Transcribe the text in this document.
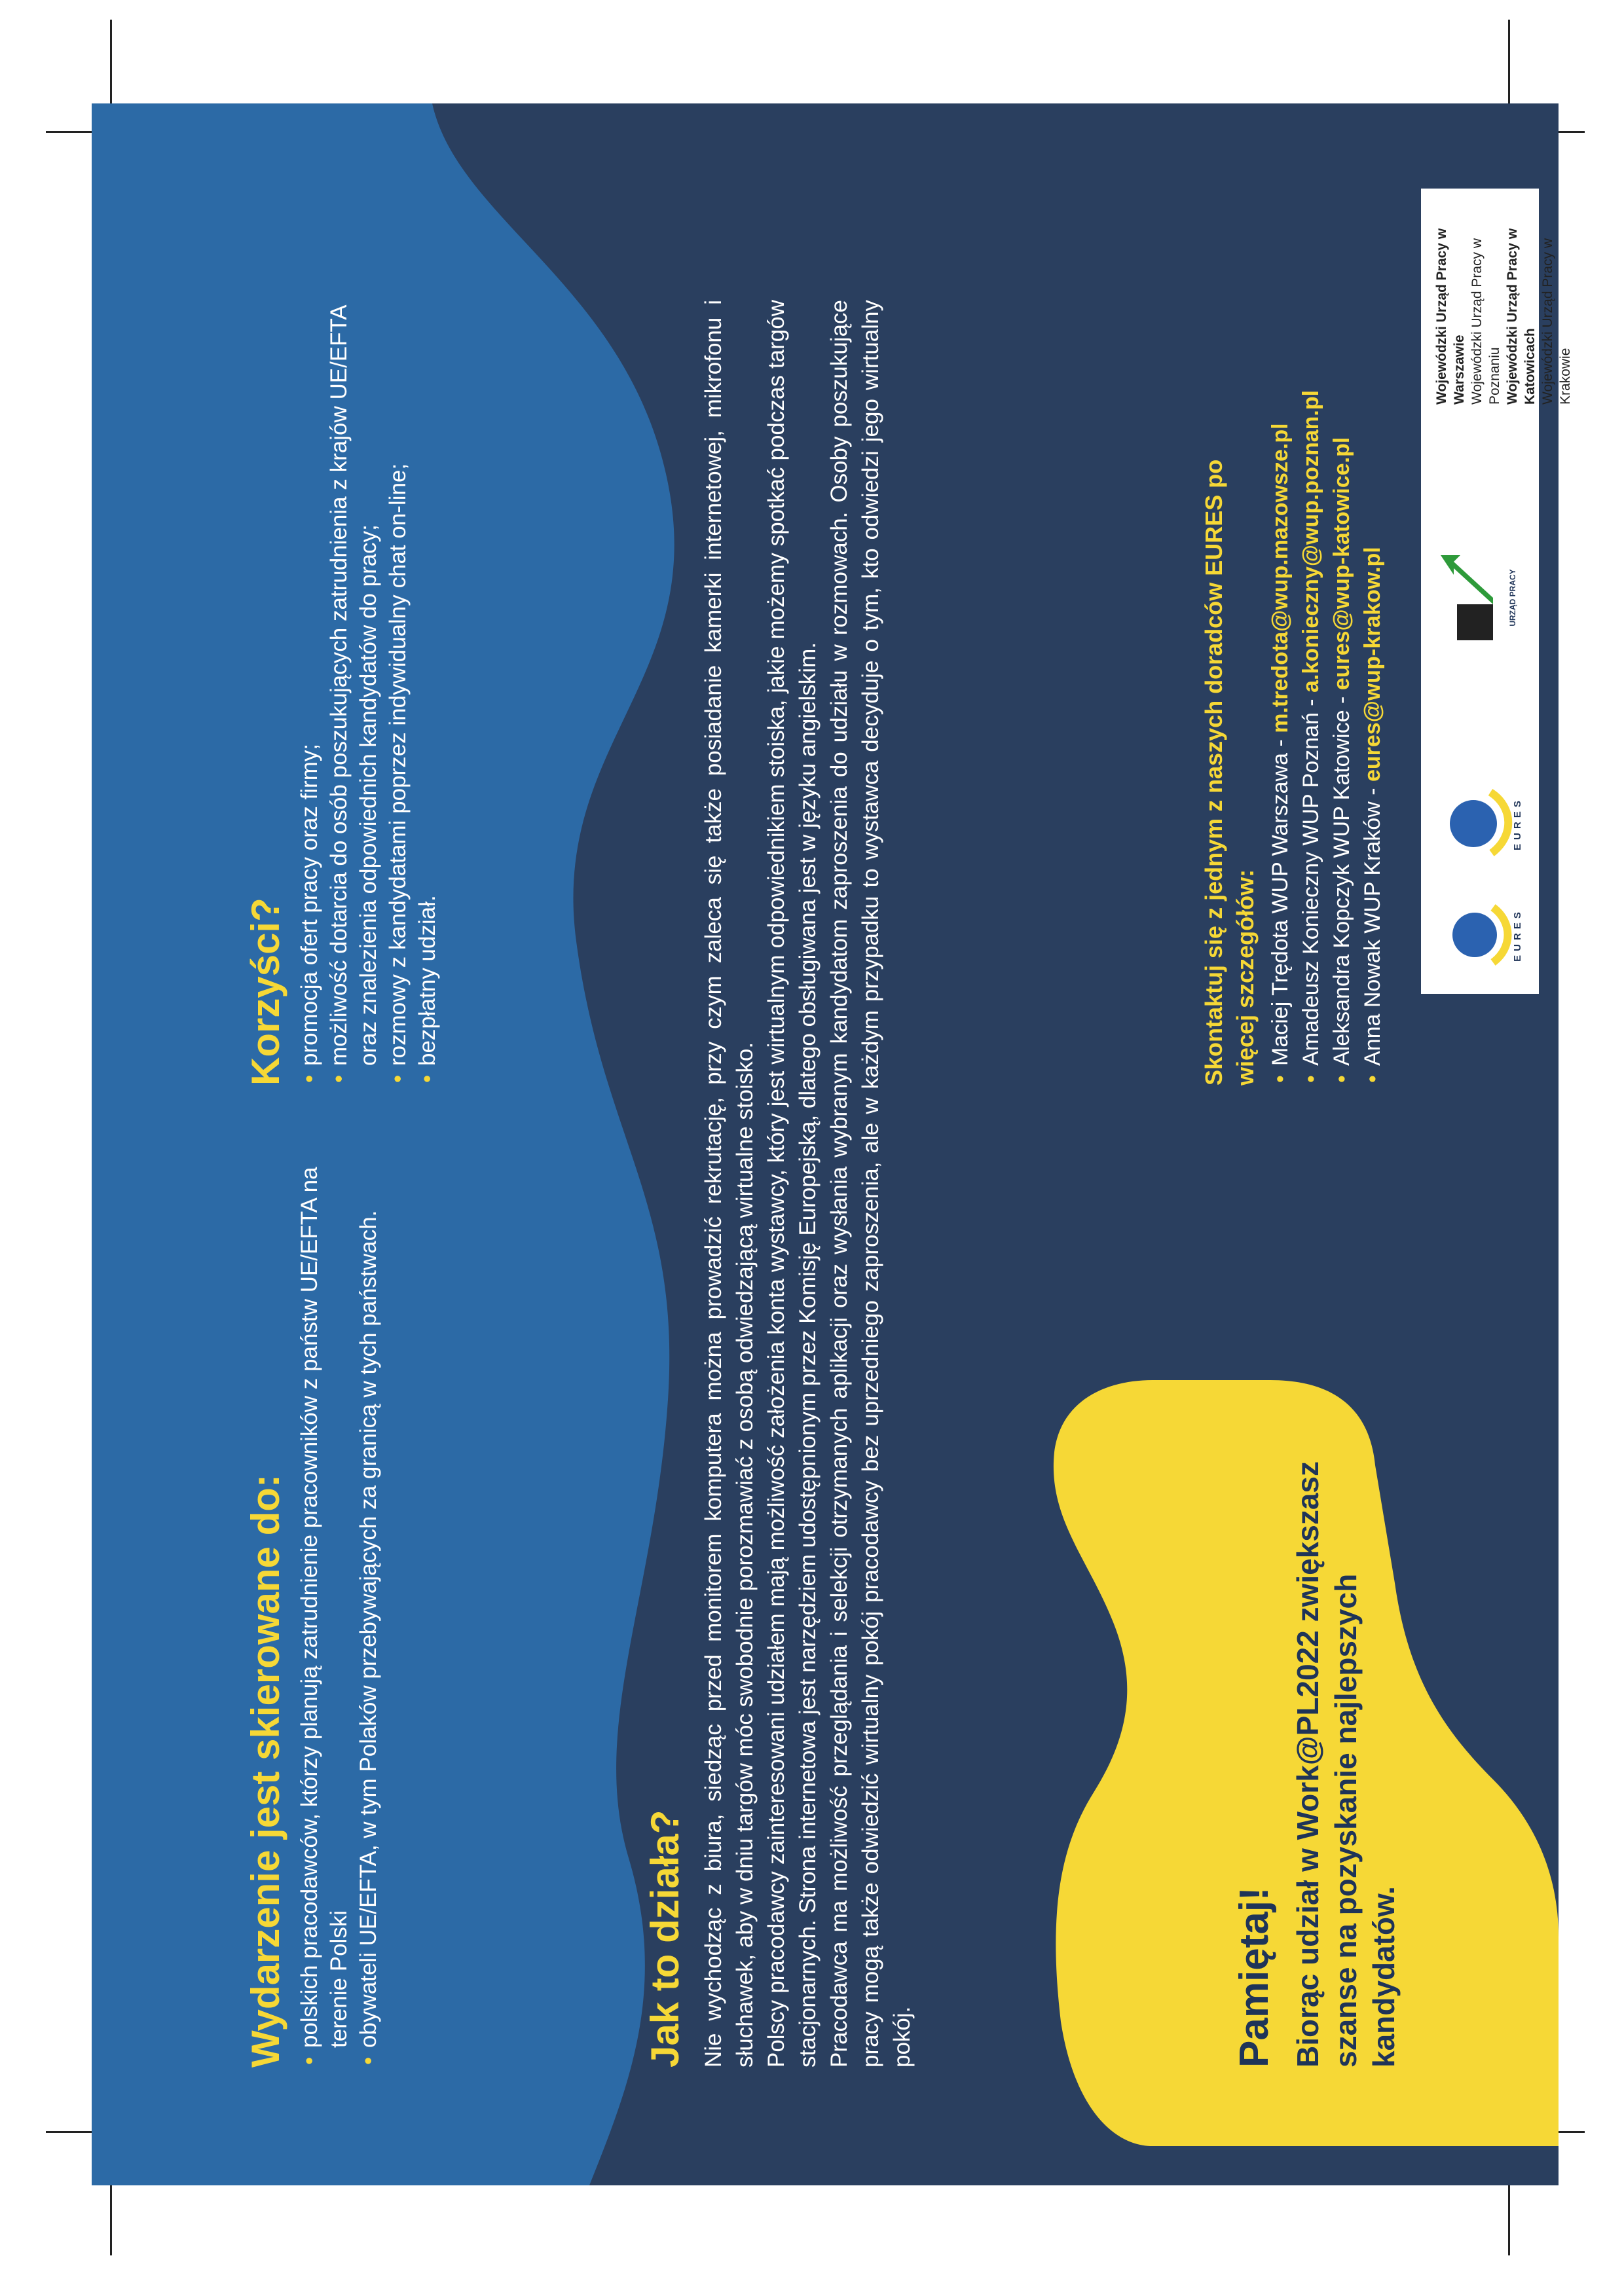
Wydarzenie jest skierowane do: • polskich pracodawców, którzy planują zatrudnienie pracowników z państw UE/EFTA na terenie Polski • obywateli UE/EFTA, w tym Polaków przebywających za granicą w tych państwach.
Korzyści? • promocja ofert pracy oraz firmy; • możliwość dotarcia do osób poszukujących zatrudnienia z krajów UE/EFTA oraz znalezienia odpowiednich kandydatów do pracy; • rozmowy z kandydatami poprzez indywidualny chat on-line; • bezpłatny udział.
Jak to działa? Nie wychodząc z biura, siedząc przed monitorem komputera można prowadzić rekrutację, przy czym zaleca się także posiadanie kamerki internetowej, mikrofonu i słuchawek, aby w dniu targów móc swobodnie porozmawiać z osobą odwiedzającą wirtualne stoisko. Polscy pracodawcy zainteresowani udziałem mają możliwość założenia konta wystawcy, który jest wirtualnym odpowiednikiem stoiska, jakie możemy spotkać podczas targów stacjonarnych. Strona internetowa jest narzędziem udostępnionym przez Komisję Europejską, dlatego obsługiwana jest w języku angielskim. Pracodawca ma możliwość przeglądania i selekcji otrzymanych aplikacji oraz wysłania wybranym kandydatom zaproszenia do udziału w rozmowach. Osoby poszukujące pracy mogą także odwiedzić wirtualny pokój pracodawcy bez uprzedniego zaproszenia, ale w każdym przypadku to wystawca decyduje o tym, kto odwiedzi jego wirtualny pokój.	Pamiętaj! Biorąc udział w Work@PL2022 zwiększasz szanse na pozyskanie najlepszych kandydatów.
Skontaktuj się z jednym z naszych doradców EURES po więcej szczegółów: • Maciej Trędota WUP Warszawa - m.tredota@wup.mazowsze.pl
• Amadeusz Konieczny WUP Poznań - a.konieczny@wup.poznan.pl
• Aleksandra Kopczyk WUP Katowice - eures@wup-katowice.pl
• Anna Nowak WUP Kraków - eures@wup-krakow.pl
EURES
EURES
URZĄD PRACY
Wojewódzki Urząd Pracy w Warszawie Wojewódzki Urząd Pracy w Poznaniu Wojewódzki Urząd Pracy w Katowicach Wojewódzki Urząd Pracy w Krakowie
